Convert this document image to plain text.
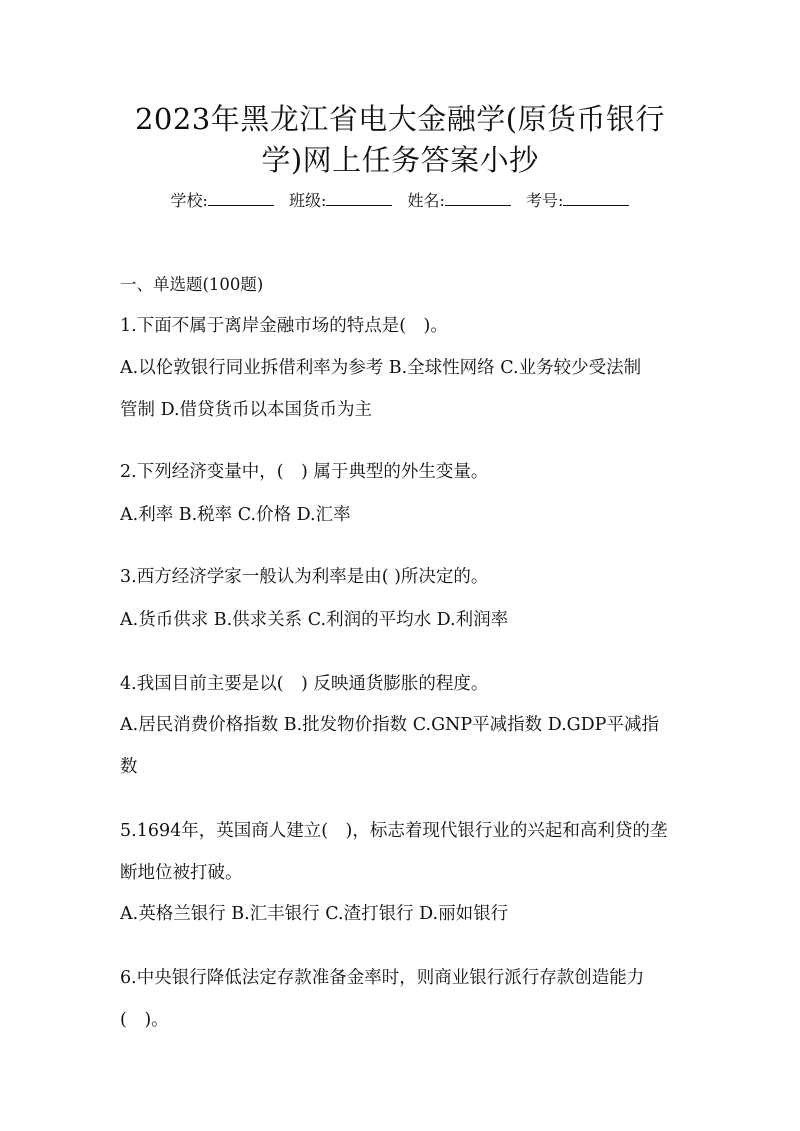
2023年黑龙江省电大金融学(原货币银行
学)网上任务答案小抄
学校:	班级:	姓名:	考号:
一、单选题(100题)
1.下面不属于离岸金融市场的特点是(　)。
A.以伦敦银行同业拆借利率为参考 B.全球性网络 C.业务较少受法制
管制 D.借贷货币以本国货币为主
2.下列经济变量中，(　) 属于典型的外生变量。
A.利率 B.税率 C.价格 D.汇率
3.西方经济学家一般认为利率是由( )所决定的。
A.货币供求 B.供求关系 C.利润的平均水 D.利润率
4.我国目前主要是以(　) 反映通货膨胀的程度。
A.居民消费价格指数 B.批发物价指数 C.GNP平减指数 D.GDP平减指
数
5.1694年，英国商人建立(　)，标志着现代银行业的兴起和高利贷的垄
断地位被打破。
A.英格兰银行 B.汇丰银行 C.渣打银行 D.丽如银行
6.中央银行降低法定存款准备金率时，则商业银行派行存款创造能力
(　)。
